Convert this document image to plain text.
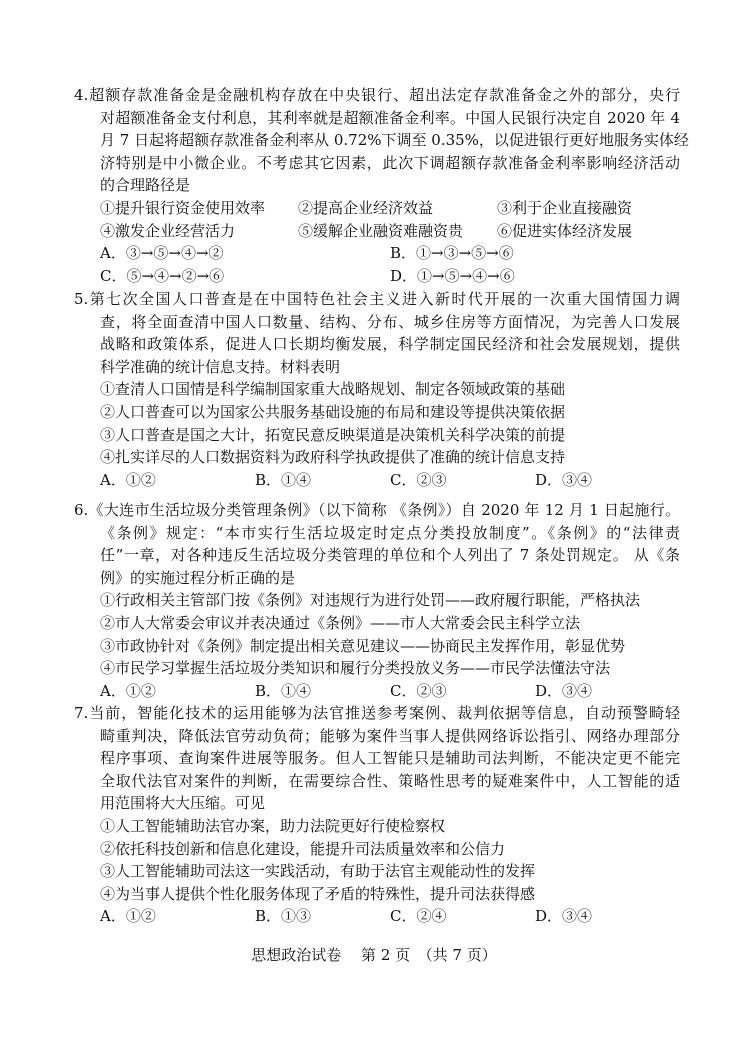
4.超额存款准备金是金融机构存放在中央银行、超出法定存款准备金之外的部分，央行
对超额准备金支付利息，其利率就是超额准备金利率。中国人民银行决定自 2020 年 4
月 7 日起将超额存款准备金利率从 0.72%下调至 0.35%，以促进银行更好地服务实体经
济特别是中小微企业。不考虑其它因素，此次下调超额存款准备金利率影响经济活动
的合理路径是
①提升银行资金使用效率 ②提高企业经济效益	③利于企业直接融资
④激发企业经营活力	⑤缓解企业融资难融资贵 ⑥促进实体经济发展
A．③→⑤→④→②	B．①→③→⑤→⑥
C．⑤→④→②→⑥	D．①→⑤→④→⑥
5.第七次全国人口普查是在中国特色社会主义进入新时代开展的一次重大国情国力调
查，将全面查清中国人口数量、结构、分布、城乡住房等方面情况，为完善人口发展
战略和政策体系，促进人口长期均衡发展，科学制定国民经济和社会发展规划，提供
科学准确的统计信息支持。材料表明
①查清人口国情是科学编制国家重大战略规划、制定各领域政策的基础
②人口普查可以为国家公共服务基础设施的布局和建设等提供决策依据
③人口普查是国之大计，拓宽民意反映渠道是决策机关科学决策的前提
④扎实详尽的人口数据资料为政府科学执政提供了准确的统计信息支持
A．①②	B．①④	C．②③	D．③④
6.《大连市生活垃圾分类管理条例》（以下简称 《条例》）自 2020 年 12 月 1 日起施行。
《条例》规定：“本市实行生活垃圾定时定点分类投放制度”。《条例》的“法律责
任”一章，对各种违反生活垃圾分类管理的单位和个人列出了 7 条处罚规定。 从《条
例》的实施过程分析正确的是
①行政相关主管部门按《条例》对违规行为进行处罚——政府履行职能，严格执法
②市人大常委会审议并表决通过《条例》——市人大常委会民主科学立法
③市政协针对《条例》制定提出相关意见建议——协商民主发挥作用，彰显优势
④市民学习掌握生活垃圾分类知识和履行分类投放义务——市民学法懂法守法
A．①②	B．①④	C．②③	D．③④
7.当前，智能化技术的运用能够为法官推送参考案例、裁判依据等信息，自动预警畸轻
畸重判决，降低法官劳动负荷；能够为案件当事人提供网络诉讼指引、网络办理部分
程序事项、查询案件进展等服务。但人工智能只是辅助司法判断，不能决定更不能完
全取代法官对案件的判断，在需要综合性、策略性思考的疑难案件中，人工智能的适
用范围将大大压缩。可见
①人工智能辅助法官办案，助力法院更好行使检察权
②依托科技创新和信息化建设，能提升司法质量效率和公信力
③人工智能辅助司法这一实践活动，有助于法官主观能动性的发挥
④为当事人提供个性化服务体现了矛盾的特殊性，提升司法获得感
A．①②	B．①③	C．②④	D．③④
思想政治试卷　 第 2 页　（共 7 页）
